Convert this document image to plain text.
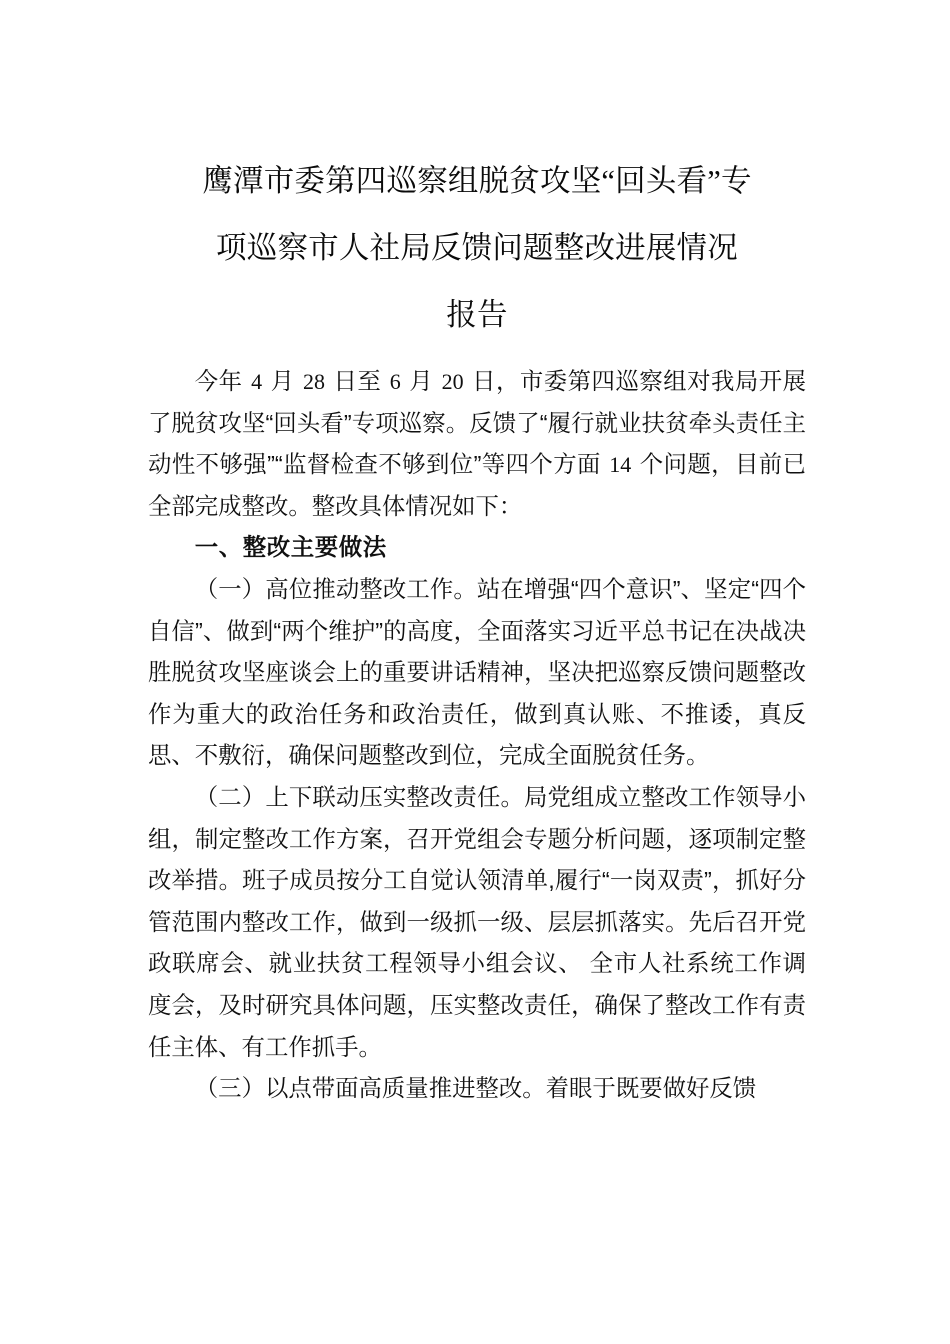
鹰潭市委第四巡察组脱贫攻坚“回头看”专
项巡察市人社局反馈问题整改进展情况
报告

今年 4 月 28 日至 6 月 20 日，市委第四巡察组对我局开展了脱贫攻坚“回头看”专项巡察。反馈了“履行就业扶贫牵头责任主动性不够强”“监督检查不够到位”等四个方面 14 个问题，目前已全部完成整改。整改具体情况如下：

一、整改主要做法

（一）高位推动整改工作。站在增强“四个意识”、坚定“四个自信”、做到“两个维护”的高度，全面落实习近平总书记在决战决胜脱贫攻坚座谈会上的重要讲话精神，坚决把巡察反馈问题整改作为重大的政治任务和政治责任，做到真认账、不推诿，真反思、不敷衍，确保问题整改到位，完成全面脱贫任务。

（二）上下联动压实整改责任。局党组成立整改工作领导小组，制定整改工作方案，召开党组会专题分析问题，逐项制定整改举措。班子成员按分工自觉认领清单,履行“一岗双责”，抓好分管范围内整改工作，做到一级抓一级、层层抓落实。先后召开党政联席会、就业扶贫工程领导小组会议、 全市人社系统工作调度会，及时研究具体问题，压实整改责任，确保了整改工作有责任主体、有工作抓手。

（三）以点带面高质量推进整改。着眼于既要做好反馈
